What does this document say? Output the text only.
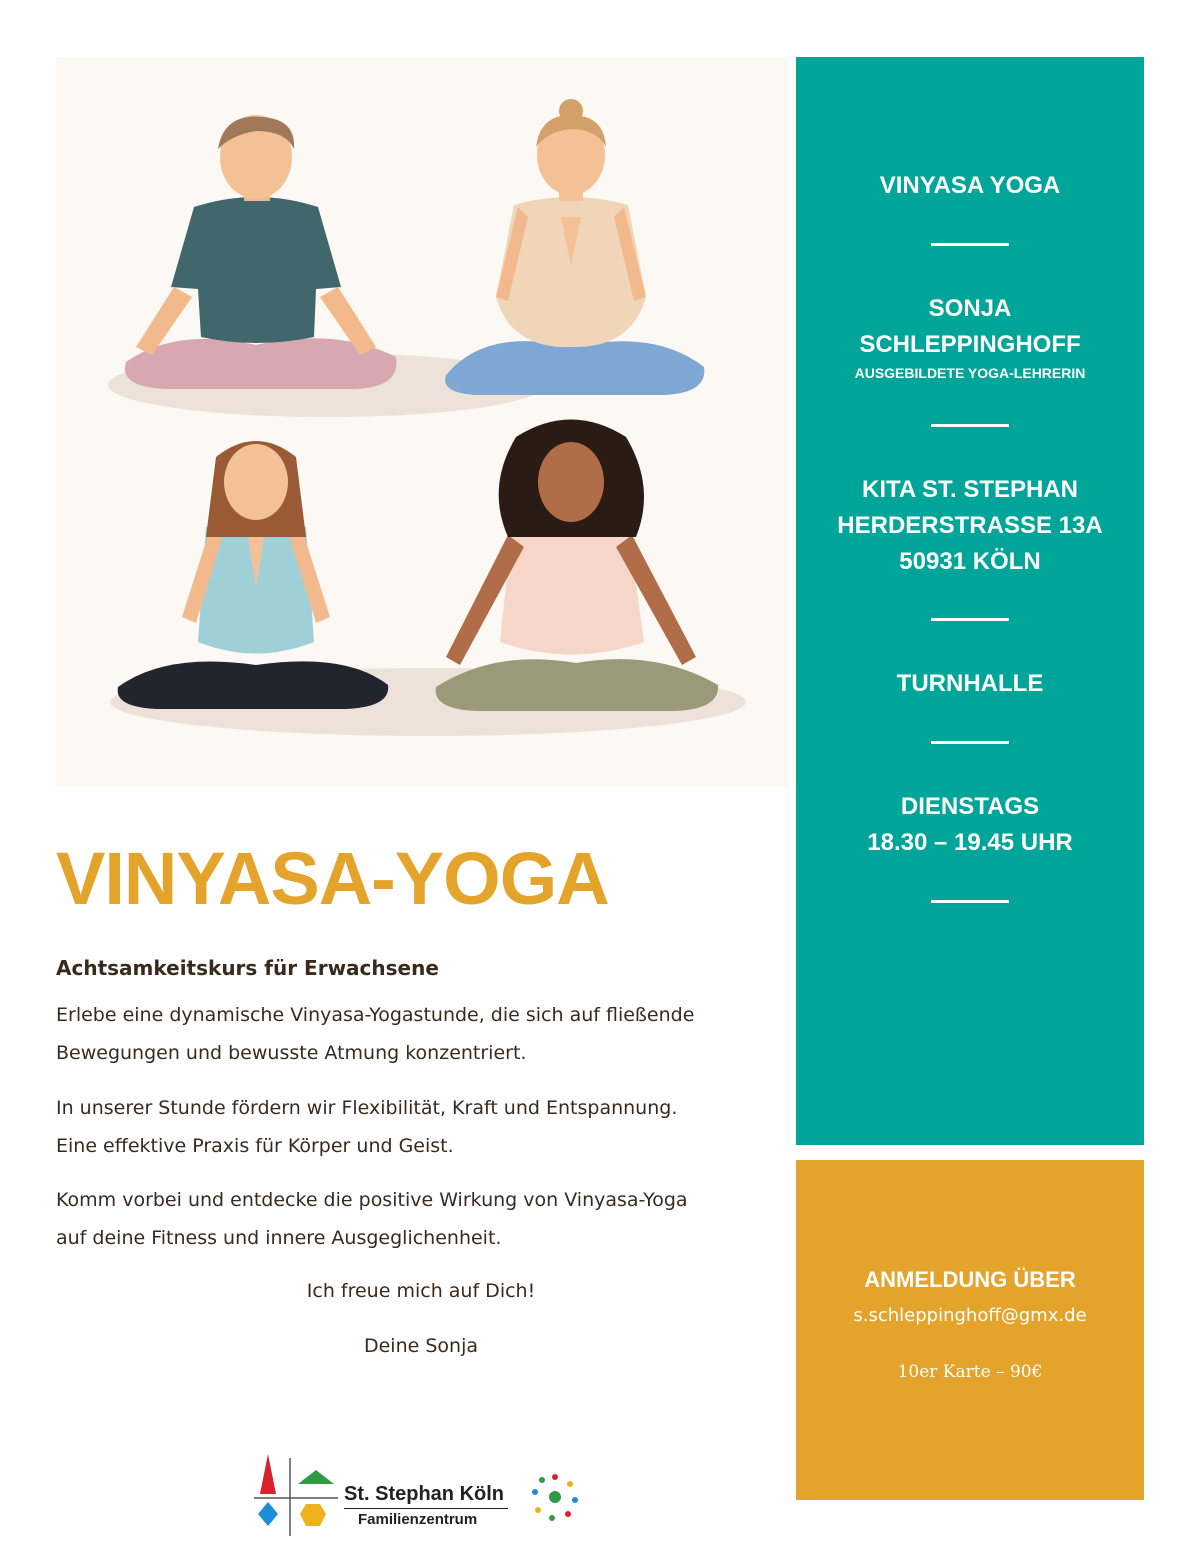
VINYASA YOGA
SONJA
SCHLEPPINGHOFF
AUSGEBILDETE YOGA-LEHRERIN
KITA ST. STEPHAN
HERDERSTRASSE 13A
50931 KÖLN
TURNHALLE
DIENSTAGS
18.30 – 19.45 UHR
ANMELDUNG ÜBER
s.schleppinghoff@gmx.de
10er Karte – 90€
VINYASA-YOGA
Achtsamkeitskurs für Erwachsene
Erlebe eine dynamische Vinyasa-Yogastunde, die sich auf fließende
Bewegungen und bewusste Atmung konzentriert.
In unserer Stunde fördern wir Flexibilität, Kraft und Entspannung.
Eine effektive Praxis für Körper und Geist.
Komm vorbei und entdecke die positive Wirkung von Vinyasa-Yoga
auf deine Fitness und innere Ausgeglichenheit.
Ich freue mich auf Dich!
Deine Sonja
St. Stephan Köln
Familienzentrum
